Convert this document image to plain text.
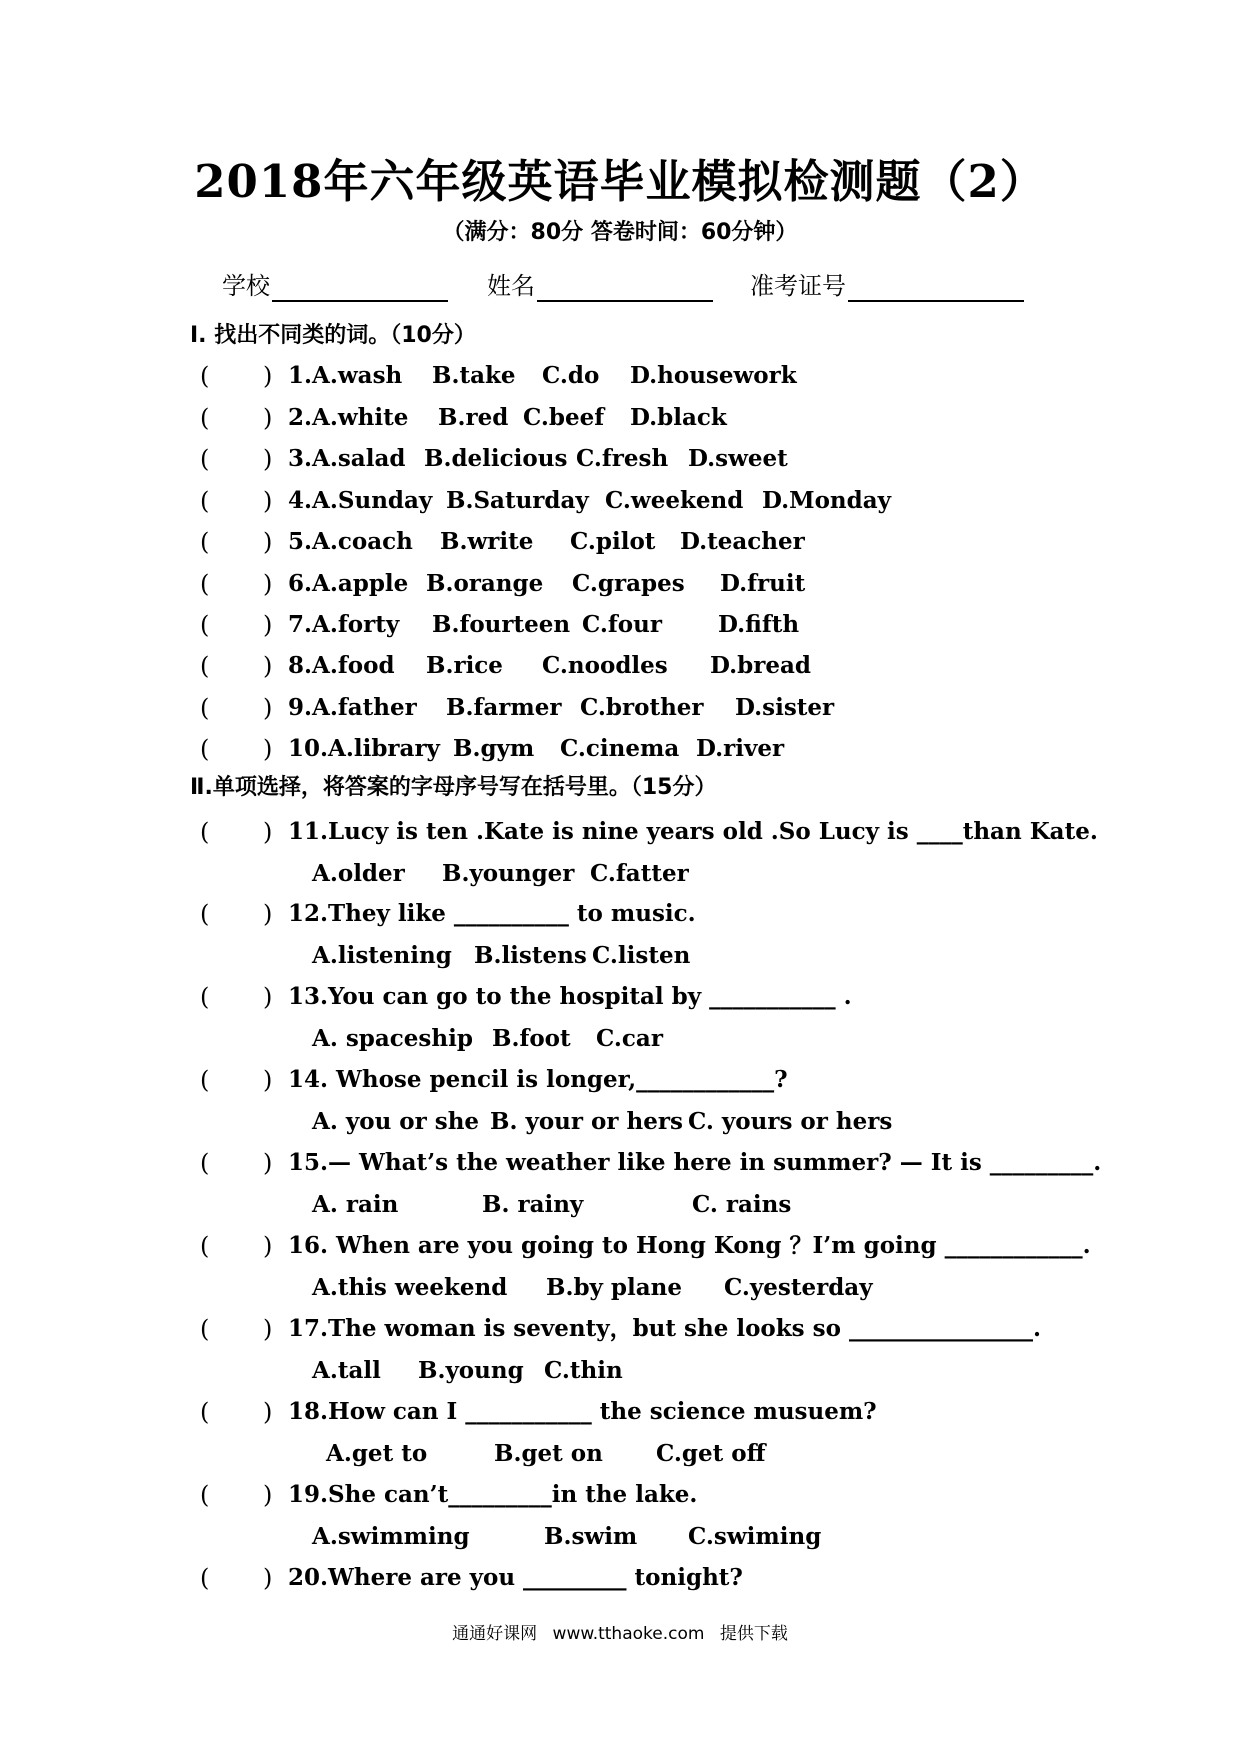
2018年六年级英语毕业模拟检测题（2）
（满分：80分 答卷时间：60分钟）
学校	姓名	准考证号
Ⅰ. 找出不同类的词。（10分）
( ) 1.A.wash B.take C.do D.housework
( ) 2.A.white B.red C.beef D.black
( ) 3.A.salad B.delicious C.fresh D.sweet
( ) 4.A.Sunday B.Saturday C.weekend D.Monday
( ) 5.A.coach B.write C.pilot D.teacher
( ) 6.A.apple B.orange C.grapes D.fruit
( ) 7.A.forty B.fourteen C.four D.fifth
( ) 8.A.food B.rice C.noodles D.bread
( ) 9.A.father B.farmer C.brother D.sister
( ) 10.A.library B.gym C.cinema D.river
Ⅱ.单项选择，将答案的字母序号写在括号里。（15分）
( ) 11.Lucy is ten .Kate is nine years old .So Lucy is ____than Kate.
A.older B.younger C.fatter
( ) 12.They like __________ to music.
A.listening B.listens C.listen
( ) 13.You can go to the hospital by ___________ .
A. spaceship B.foot C.car
( ) 14. Whose pencil is longer,____________?
A. you or she B. your or hers C. yours or hers
( ) 15.— What’s the weather like here in summer? — It is _________.
A. rain	B. rainy	C. rains
( ) 16. When are you going to Hong Kong ？I’m going ____________.
A.this weekend B.by plane C.yesterday
( ) 17.The woman is seventy，but she looks so ________________.
A.tall B.young C.thin
( ) 18.How can I ___________ the science musuem?
A.get to	B.get on C.get off
( ) 19.She can’t_________in the lake.
A.swimming	B.swim C.swiming
( ) 20.Where are you _________ tonight?
通通好课网 www.tthaoke.com 提供下载
